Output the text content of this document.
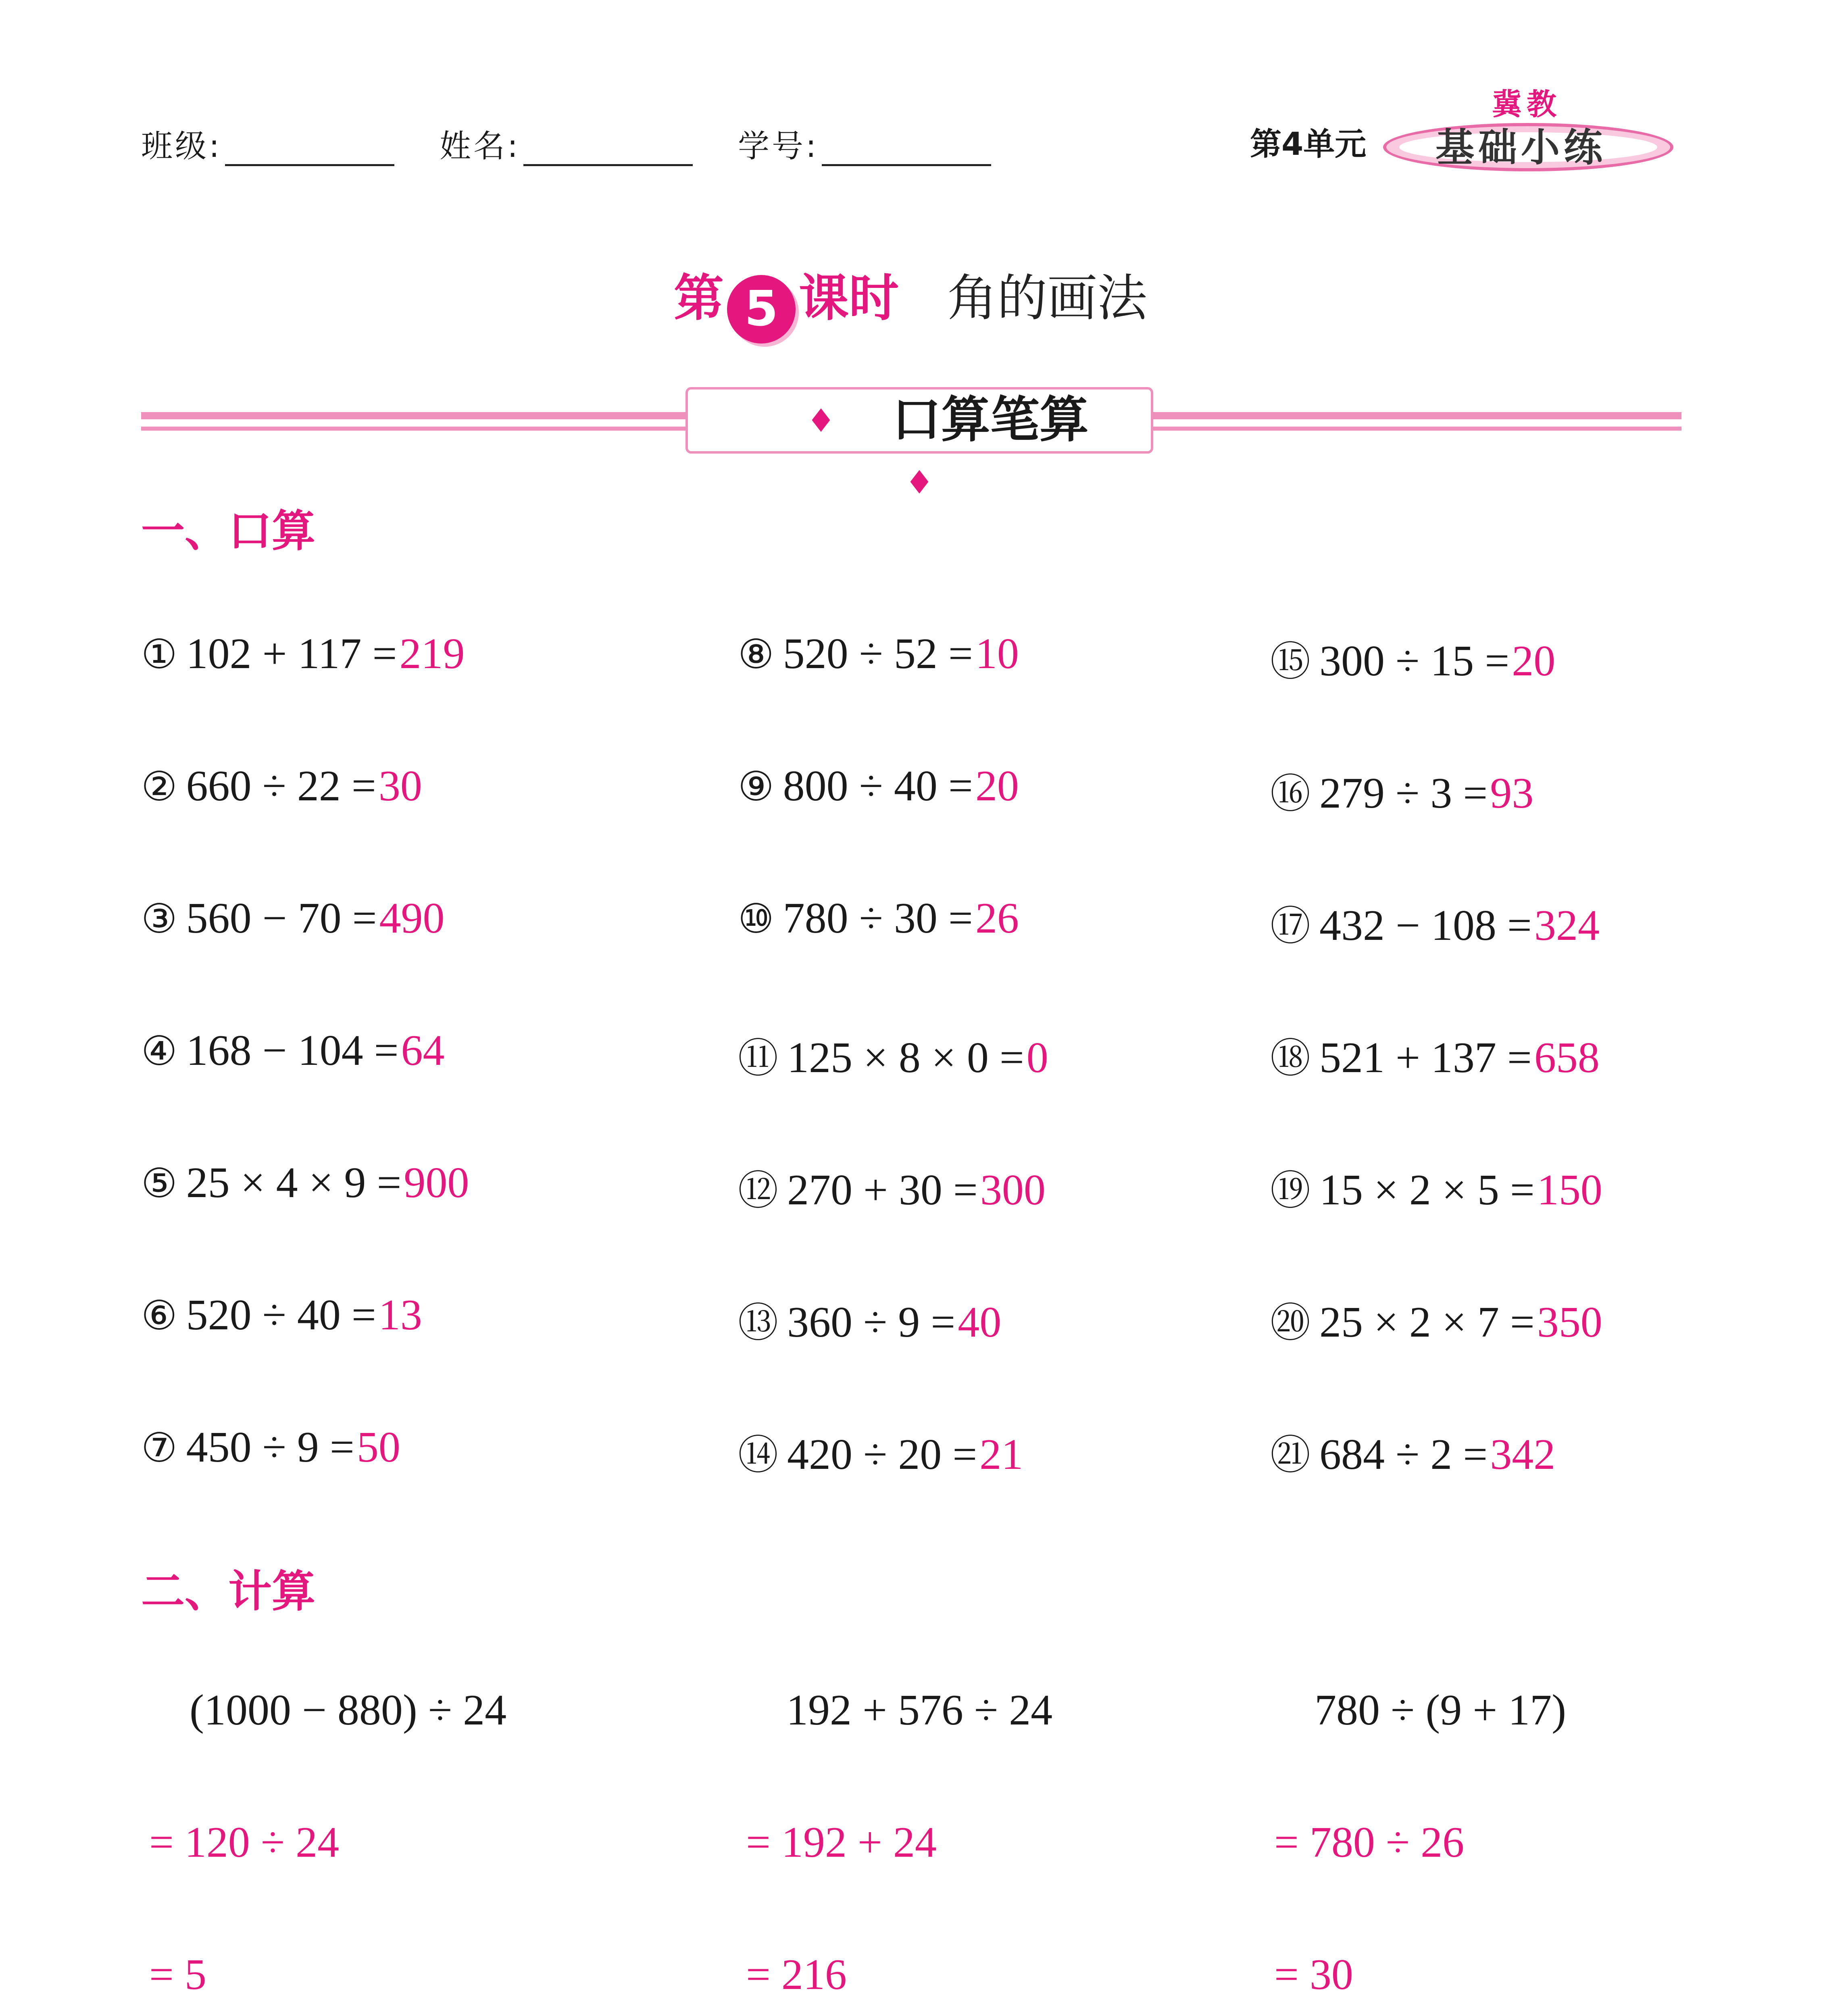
班级:	姓名:	学号:	第4单元
冀教
基础小练
第 5 课时 角的画法
♦ 口算笔算♦
一、口算
① 102 + 117 =219
② 660 ÷ 22 =30
③ 560 − 70 =490
④ 168 − 104 =64
⑤ 25 × 4 × 9 =900
⑥ 520 ÷ 40 =13
⑦ 450 ÷ 9 =50
⑧ 520 ÷ 52 =10
⑨ 800 ÷ 40 =20
⑩ 780 ÷ 30 =26
⑪ 125 × 8 × 0 =0
⑫ 270 + 30 =300
⑬ 360 ÷ 9 =40
⑭ 420 ÷ 20 =21
⑮ 300 ÷ 15 =20
⑯ 279 ÷ 3 =93
⑰ 432 − 108 =324
⑱ 521 + 137 =658
⑲ 15 × 2 × 5 =150
⑳ 25 × 2 × 7 =350
㉑ 684 ÷ 2 =342
二、计算
(1000 − 880) ÷ 24
= 120 ÷ 24
= 5
192 + 576 ÷ 24
= 192 + 24
= 216
780 ÷ (9 + 17)
= 780 ÷ 26
= 30
